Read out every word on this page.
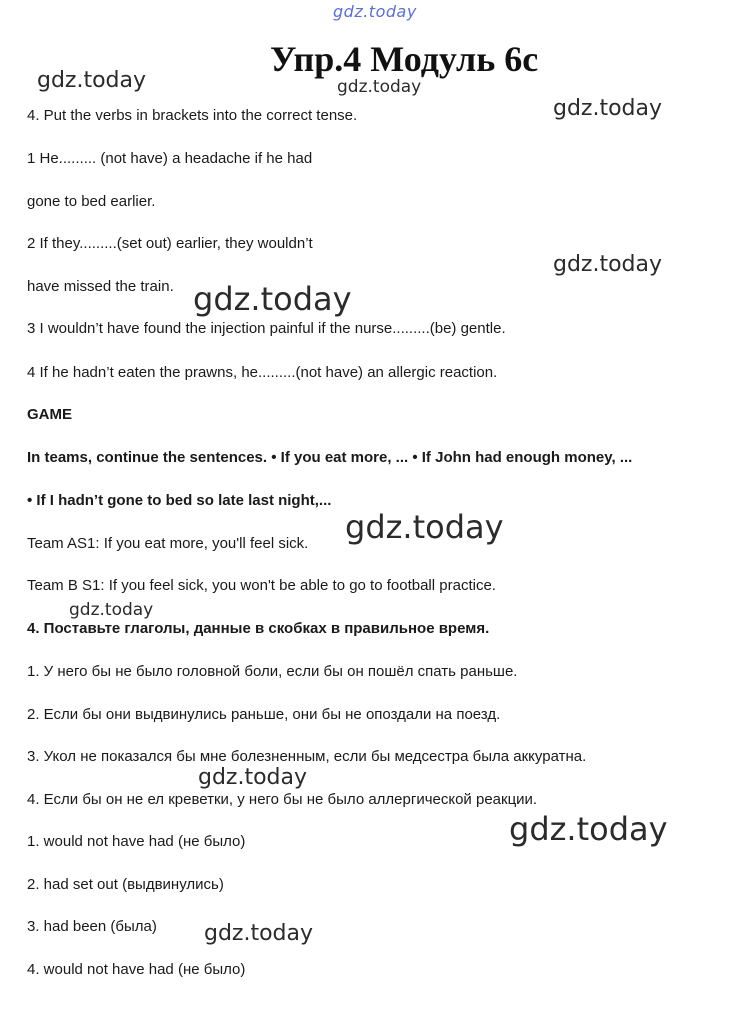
gdz.today
Упр.4 Модуль 6с
4. Put the verbs in brackets into the correct tense.
1 He......... (not have) a headache if he had
gone to bed earlier.
2 If they.........(set out) earlier, they wouldn’t
have missed the train.
3 I wouldn’t have found the injection painful if the nurse.........(be) gentle.
4 If he hadn’t eaten the prawns, he.........(not have) an allergic reaction.
GAME
In teams, continue the sentences. • If you eat more, ... • If John had enough money, ...
• If I hadn’t gone to bed so late last night,...
Team AS1: If you eat more, you'll feel sick.
Team B S1: If you feel sick, you won't be able to go to football practice.
4. Поставьте глаголы, данные в скобках в правильное время.
1. У него бы не было головной боли, если бы он пошёл спать раньше.
2. Если бы они выдвинулись раньше, они бы не опоздали на поезд.
3. Укол не показался бы мне болезненным, если бы медсестра была аккуратна.
4. Если бы он не ел креветки, у него бы не было аллергической реакции.
1. would not have had (не было)
2. had set out (выдвинулись)
3. had been (была)
4. would not have had (не было)
gdz.today	gdz.today
gdz.today
gdz.today
gdz.today
gdz.today
gdz.today
gdz.today
gdz.today
gdz.today
